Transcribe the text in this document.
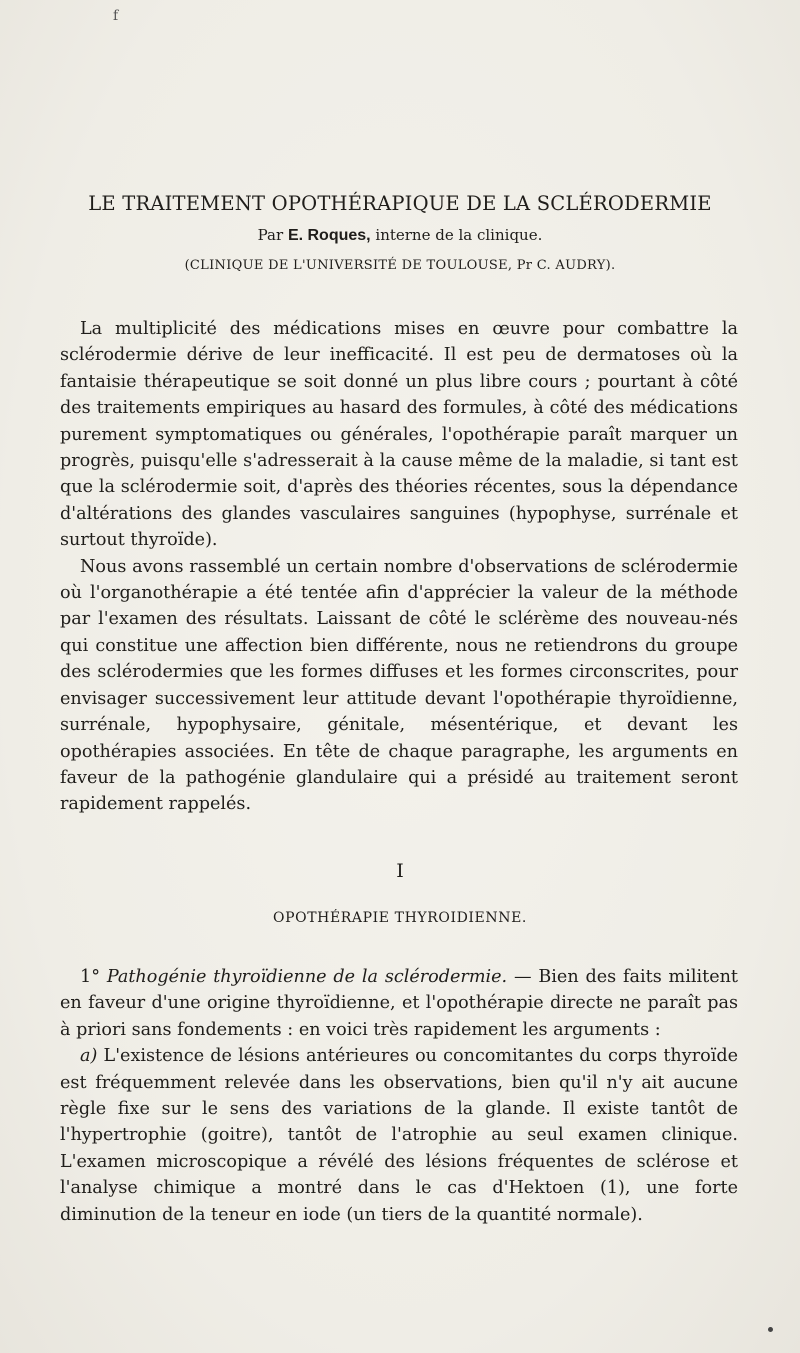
f
LE TRAITEMENT OPOTHÉRAPIQUE DE LA SCLÉRODERMIE
Par E. Roques, interne de la clinique.
(CLINIQUE DE L'UNIVERSITÉ DE TOULOUSE, Pr C. AUDRY).

La multiplicité des médications mises en œuvre pour combattre la sclérodermie dérive de leur inefficacité. Il est peu de dermatoses où la fantaisie thérapeutique se soit donné un plus libre cours ; pourtant à côté des traitements empiriques au hasard des formules, à côté des médications purement symptomatiques ou générales, l'opothérapie paraît marquer un progrès, puisqu'elle s'adresserait à la cause même de la maladie, si tant est que la sclérodermie soit, d'après des théories récentes, sous la dépendance d'altérations des glandes vasculaires sanguines (hypophyse, surrénale et surtout thyroïde).

Nous avons rassemblé un certain nombre d'observations de sclérodermie où l'organothérapie a été tentée afin d'apprécier la valeur de la méthode par l'examen des résultats. Laissant de côté le sclérème des nouveau-nés qui constitue une affection bien différente, nous ne retiendrons du groupe des sclérodermies que les formes diffuses et les formes circonscrites, pour envisager successivement leur attitude devant l'opothérapie thyroïdienne, surrénale, hypophysaire, génitale, mésentérique, et devant les opothérapies associées. En tête de chaque paragraphe, les arguments en faveur de la pathogénie glandulaire qui a présidé au traitement seront rapidement rappelés.

I
OPOTHÉRAPIE THYROIDIENNE.

1° Pathogénie thyroïdienne de la sclérodermie. — Bien des faits militent en faveur d'une origine thyroïdienne, et l'opothérapie directe ne paraît pas à priori sans fondements : en voici très rapidement les arguments :

a) L'existence de lésions antérieures ou concomitantes du corps thyroïde est fréquemment relevée dans les observations, bien qu'il n'y ait aucune règle fixe sur le sens des variations de la glande. Il existe tantôt de l'hypertrophie (goitre), tantôt de l'atrophie au seul examen clinique. L'examen microscopique a révélé des lésions fréquentes de sclérose et l'analyse chimique a montré dans le cas d'Hektoen (1), une forte diminution de la teneur en iode (un tiers de la quantité normale).
